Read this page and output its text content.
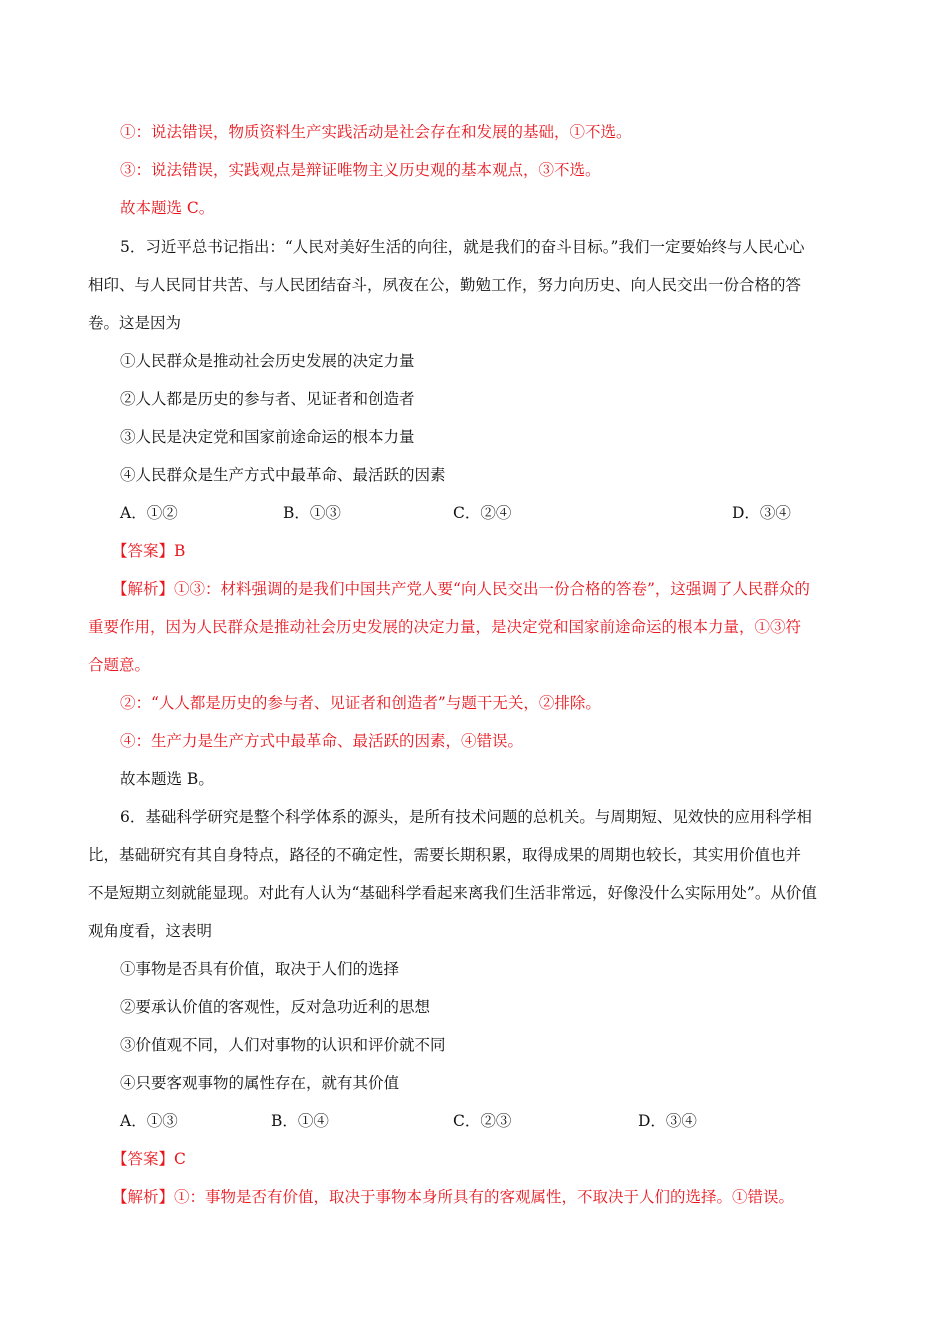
①：说法错误，物质资料生产实践活动是社会存在和发展的基础，①不选。
③：说法错误，实践观点是辩证唯物主义历史观的基本观点，③不选。
故本题选 C。
5．习近平总书记指出：“人民对美好生活的向往，就是我们的奋斗目标。”我们一定要始终与人民心心
相印、与人民同甘共苦、与人民团结奋斗，夙夜在公，勤勉工作，努力向历史、向人民交出一份合格的答
卷。这是因为
①人民群众是推动社会历史发展的决定力量
②人人都是历史的参与者、见证者和创造者
③人民是决定党和国家前途命运的根本力量
④人民群众是生产方式中最革命、最活跃的因素
A．①②	B．①③	C．②④	D．③④
【答案】B
【解析】①③：材料强调的是我们中国共产党人要“向人民交出一份合格的答卷”，这强调了人民群众的
重要作用，因为人民群众是推动社会历史发展的决定力量，是决定党和国家前途命运的根本力量，①③符
合题意。
②：“人人都是历史的参与者、见证者和创造者”与题干无关，②排除。
④：生产力是生产方式中最革命、最活跃的因素，④错误。
故本题选 B。
6．基础科学研究是整个科学体系的源头，是所有技术问题的总机关。与周期短、见效快的应用科学相
比，基础研究有其自身特点，路径的不确定性，需要长期积累，取得成果的周期也较长，其实用价值也并
不是短期立刻就能显现。对此有人认为“基础科学看起来离我们生活非常远，好像没什么实际用处”。从价值
观角度看，这表明
①事物是否具有价值，取决于人们的选择
②要承认价值的客观性，反对急功近利的思想
③价值观不同，人们对事物的认识和评价就不同
④只要客观事物的属性存在，就有其价值
A．①③	B．①④	C．②③	D．③④
【答案】C
【解析】①：事物是否有价值，取决于事物本身所具有的客观属性，不取决于人们的选择。①错误。
